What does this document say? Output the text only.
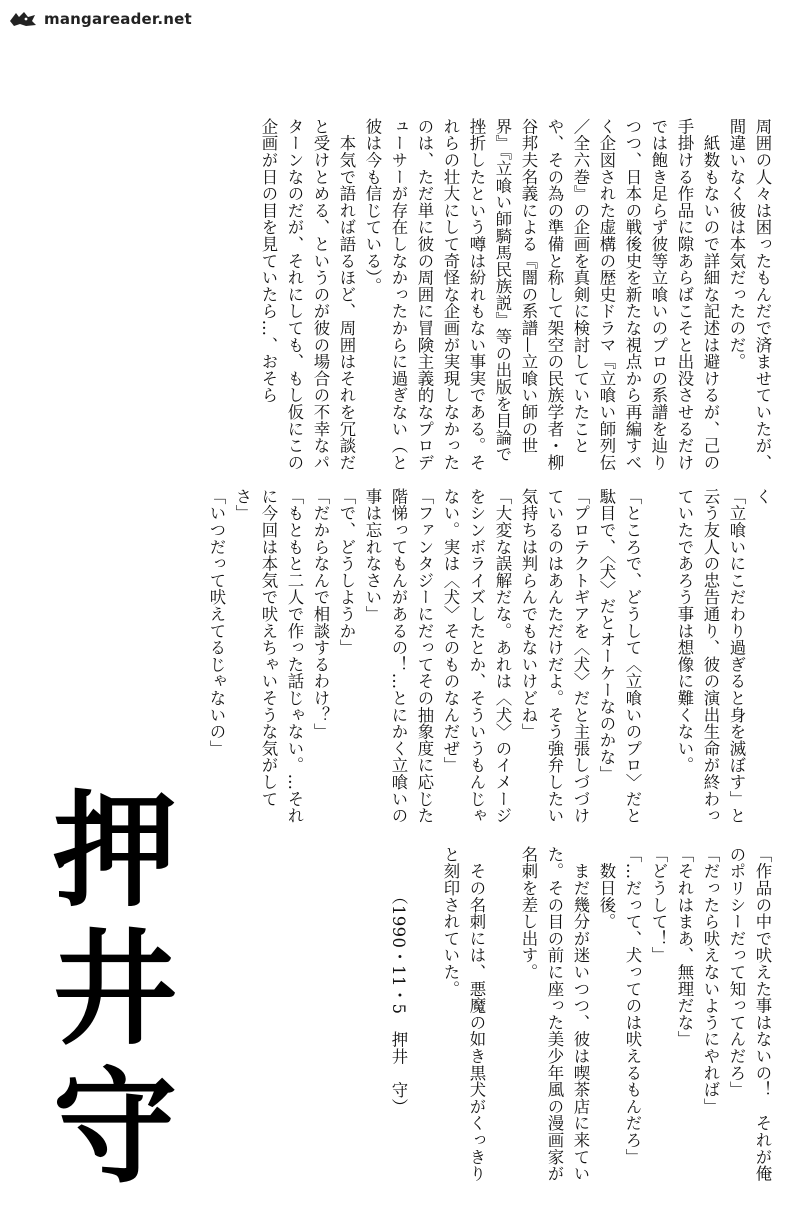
mangareader.net

周囲の人々は困ったもんだで済ませていたが、間違いなく彼は本気だったのだ。
　紙数もないので詳細な記述は避けるが、己の手掛ける作品に隙あらばこそと出没させるだけでは飽き足らず彼等立喰いのプロの系譜を辿りつつ、日本の戦後史を新たな視点から再編すべく企図された虚構の歴史ドラマ『立喰い師列伝／全六巻』の企画を真剣に検討していたことや、その為の準備と称して架空の民族学者・柳谷邦夫名義による『闇の系譜—立喰い師の世界』『立喰い師騎馬民族説』等の出版を目論で挫折したという噂は紛れもない事実である。それらの壮大にして奇怪な企画が実現しなかったのは、ただ単に彼の周囲に冒険主義的なプロデューサーが存在しなかったからに過ぎない（と彼は今も信じている）。
　本気で語れば語るほど、周囲はそれを冗談だと受けとめる、というのが彼の場合の不幸なパターンなのだが、それにしても、もし仮にこの企画が日の目を見ていたら…、おそら

く
「立喰いにこだわり過ぎると身を滅ぼす」と云う友人の忠告通り、彼の演出生命が終わっていたであろう事は想像に難くない。

「ところで、どうして〈立喰いのプロ〉だと駄目で、〈犬〉だとオーケーなのかな」
「プロテクトギアを〈犬〉だと主張しづづけているのはあんただけだよ。そう強弁したい気持ちは判らんでもないけどね」
「大変な誤解だな。あれは〈犬〉のイメージをシンボライズしたとか、そういうもんじゃない。実は〈犬〉そのものなんだぜ」
「ファンタジーにだってその抽象度に応じた階悌ってもんがあるの！…とにかく立喰いの事は忘れなさい」
「で、どうしようか」
「だからなんで相談するわけ？」
「もともと二人で作った話じゃない。…それに今回は本気で吠えちゃいそうな気がしてさ」
「いつだって吠えてるじゃないの」

「作品の中で吠えた事はないの！　それが俺のポリシーだって知ってんだろ」
「だったら吠えないようにやれば」
「それはまあ、無理だな」
「どうして！」
「…だって、犬ってのは吠えるもんだろ」
　数日後。
　まだ幾分が迷いつつ、彼は喫茶店に来ていた。その目の前に座った美少年風の漫画家が名刺を差し出す。

　その名刺には、悪魔の如き黒犬がくっきりと刻印されていた。

　　　（1990・11・5　押井　守）

押
井
守
